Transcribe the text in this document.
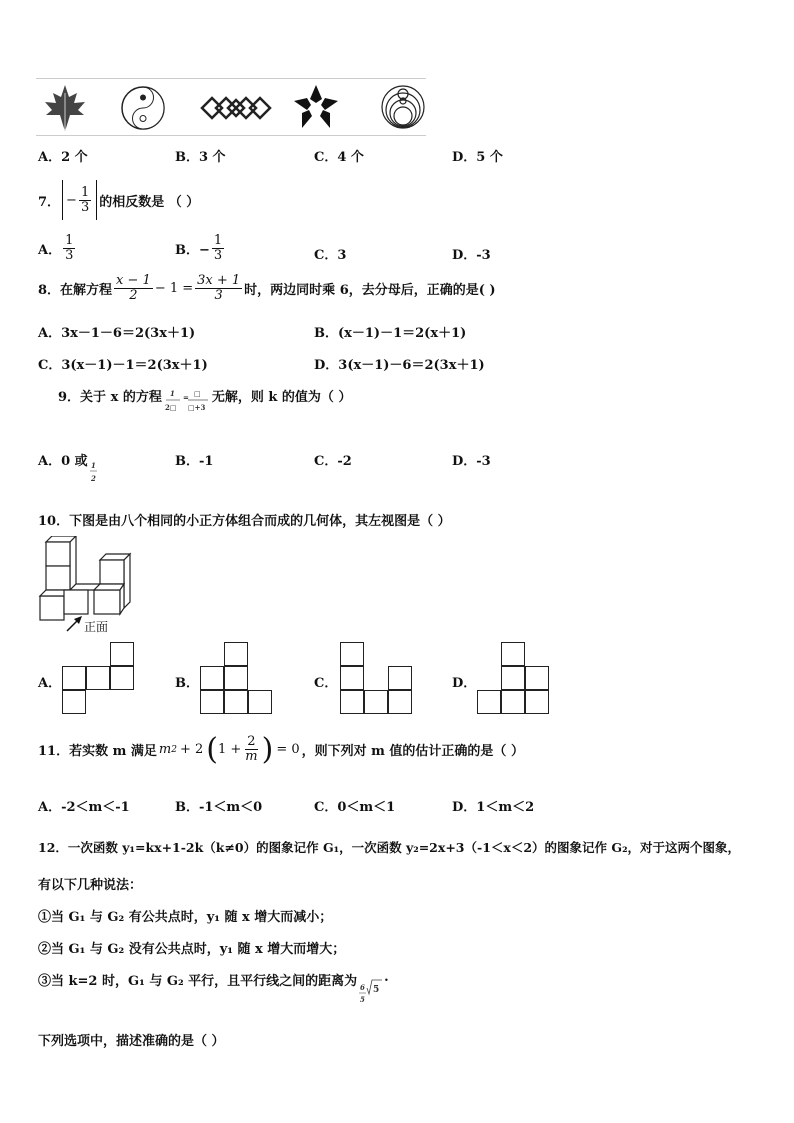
A．2 个	B．3 个	C．4 个	D．5 个
7． − $\frac{1}{3}$ 的相反数是 （ ）
A． $\frac{1}{3}$	B．− $\frac{1}{3}$	C．3	D．-3
8．在解方程 $\frac{x - 1}{2} - 1 = \frac{3x + 1}{3}$ 时，两边同时乘 6，去分母后，正确的是( )
A．3x－1－6＝2(3x＋1)	B．(x－1)－1＝2(x＋1)
C．3(x－1)－1＝2(3x＋1)	D．3(x－1)－6＝2(3x＋1)
9．关于 x 的方程 1
2□
= □
□+3
无解，则 k 的值为（ ）
A．0 或 1
2
B．-1	C．-2	D．-3
10．下图是由八个相同的小正方体组合而成的几何体，其左视图是（ ）
正面
A．	B．	C．	D．
11．若实数 m 满足 m 2 + 2 ( $1 + \frac{2}{m}$ ) = 0 ，则下列对 m 值的估计正确的是（ ）
A．-2＜m＜-1	B．-1＜m＜0	C．0＜m＜1	D．1＜m＜2
12．一次函数 y₁=kx+1-2k（k≠0）的图象记作 G₁，一次函数 y₂=2x+3（-1＜x＜2）的图象记作 G₂，对于这两个图象，
有以下几种说法：
①当 G₁ 与 G₂ 有公共点时，y₁ 随 x 增大而减小；
②当 G₁ 与 G₂ 没有公共点时，y₁ 随 x 增大而增大；
③当 k=2 时，G₁ 与 G₂ 平行，且平行线之间的距离为 6
5
5
.
下列选项中，描述准确的是（ ）
